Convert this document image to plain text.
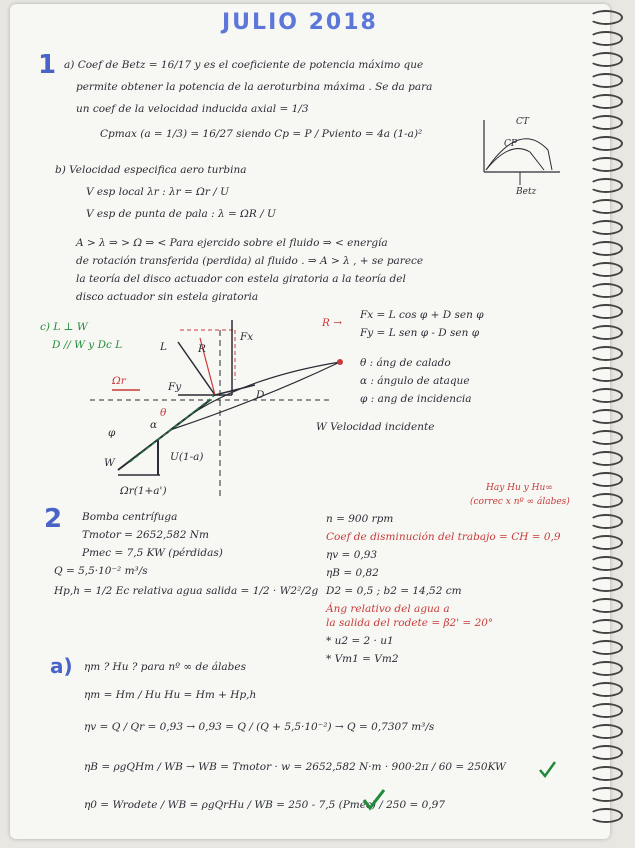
JULIO 2018
1 a) Coef de Betz = 16/17 y es el coeficiente de potencia máximo que
permite obtener la potencia de la aeroturbina máxima . Se da para
un coef de la velocidad inducida axial = 1/3
Cpmax (a = 1/3) = 16/27 siendo Cp = P / Pviento = 4a (1-a)²
CT
CP
Betz
b) Velocidad especifica aero turbina
V esp local λr : λr = Ωr / U
V esp de punta de pala : λ = ΩR / U
A > λ ⇒ > Ω ⇒ < Para ejercido sobre el fluido ⇒ < energía
de rotación transferida (perdida) al fluido . ⇒ A > λ , + se parece
la teoría del disco actuador con estela giratoria a la teoría del
disco actuador sin estela giratoria
c) L ⊥ W
D // W y Dc L
Ωr
R
Fx
Fy
L
D
θ
α
φ
W	U(1-a)
Ωr(1+a')
R →
Fx = L cos φ + D sen φ
Fy = L sen φ - D sen φ
θ : áng de calado
α : ángulo de ataque
φ : ang de incidencia
W Velocidad incidente
2 Bomba centrífuga
Tmotor = 2652,582 Nm
Pmec = 7,5 KW (pérdidas)
Q = 5,5·10⁻² m³/s
Hp,h = 1/2 Ec relativa agua salida = 1/2 · W2²/2g
n = 900 rpm
Coef de disminución del trabajo = CH = 0,9
ηv = 0,93
ηB = 0,82
D2 = 0,5 ; b2 = 14,52 cm
Áng relativo del agua a
la salida del rodete = β2' = 20°
* u2 = 2 · u1
* Vm1 = Vm2
Hay Hu y Hu∞
(correc x nº ∞ álabes)
a) ηm ? Hu ? para nº ∞ de álabes
ηm = Hm / Hu Hu = Hm + Hp,h
ηv = Q / Qr = 0,93 → 0,93 = Q / (Q + 5,5·10⁻²) → Q = 0,7307 m³/s
ηB = ρgQHm / WB → WB = Tmotor · w = 2652,582 N·m · 900·2π / 60 = 250KW
η0 = Wrodete / WB = ρgQrHu / WB = 250 - 7,5 (Pmec) / 250 = 0,97
